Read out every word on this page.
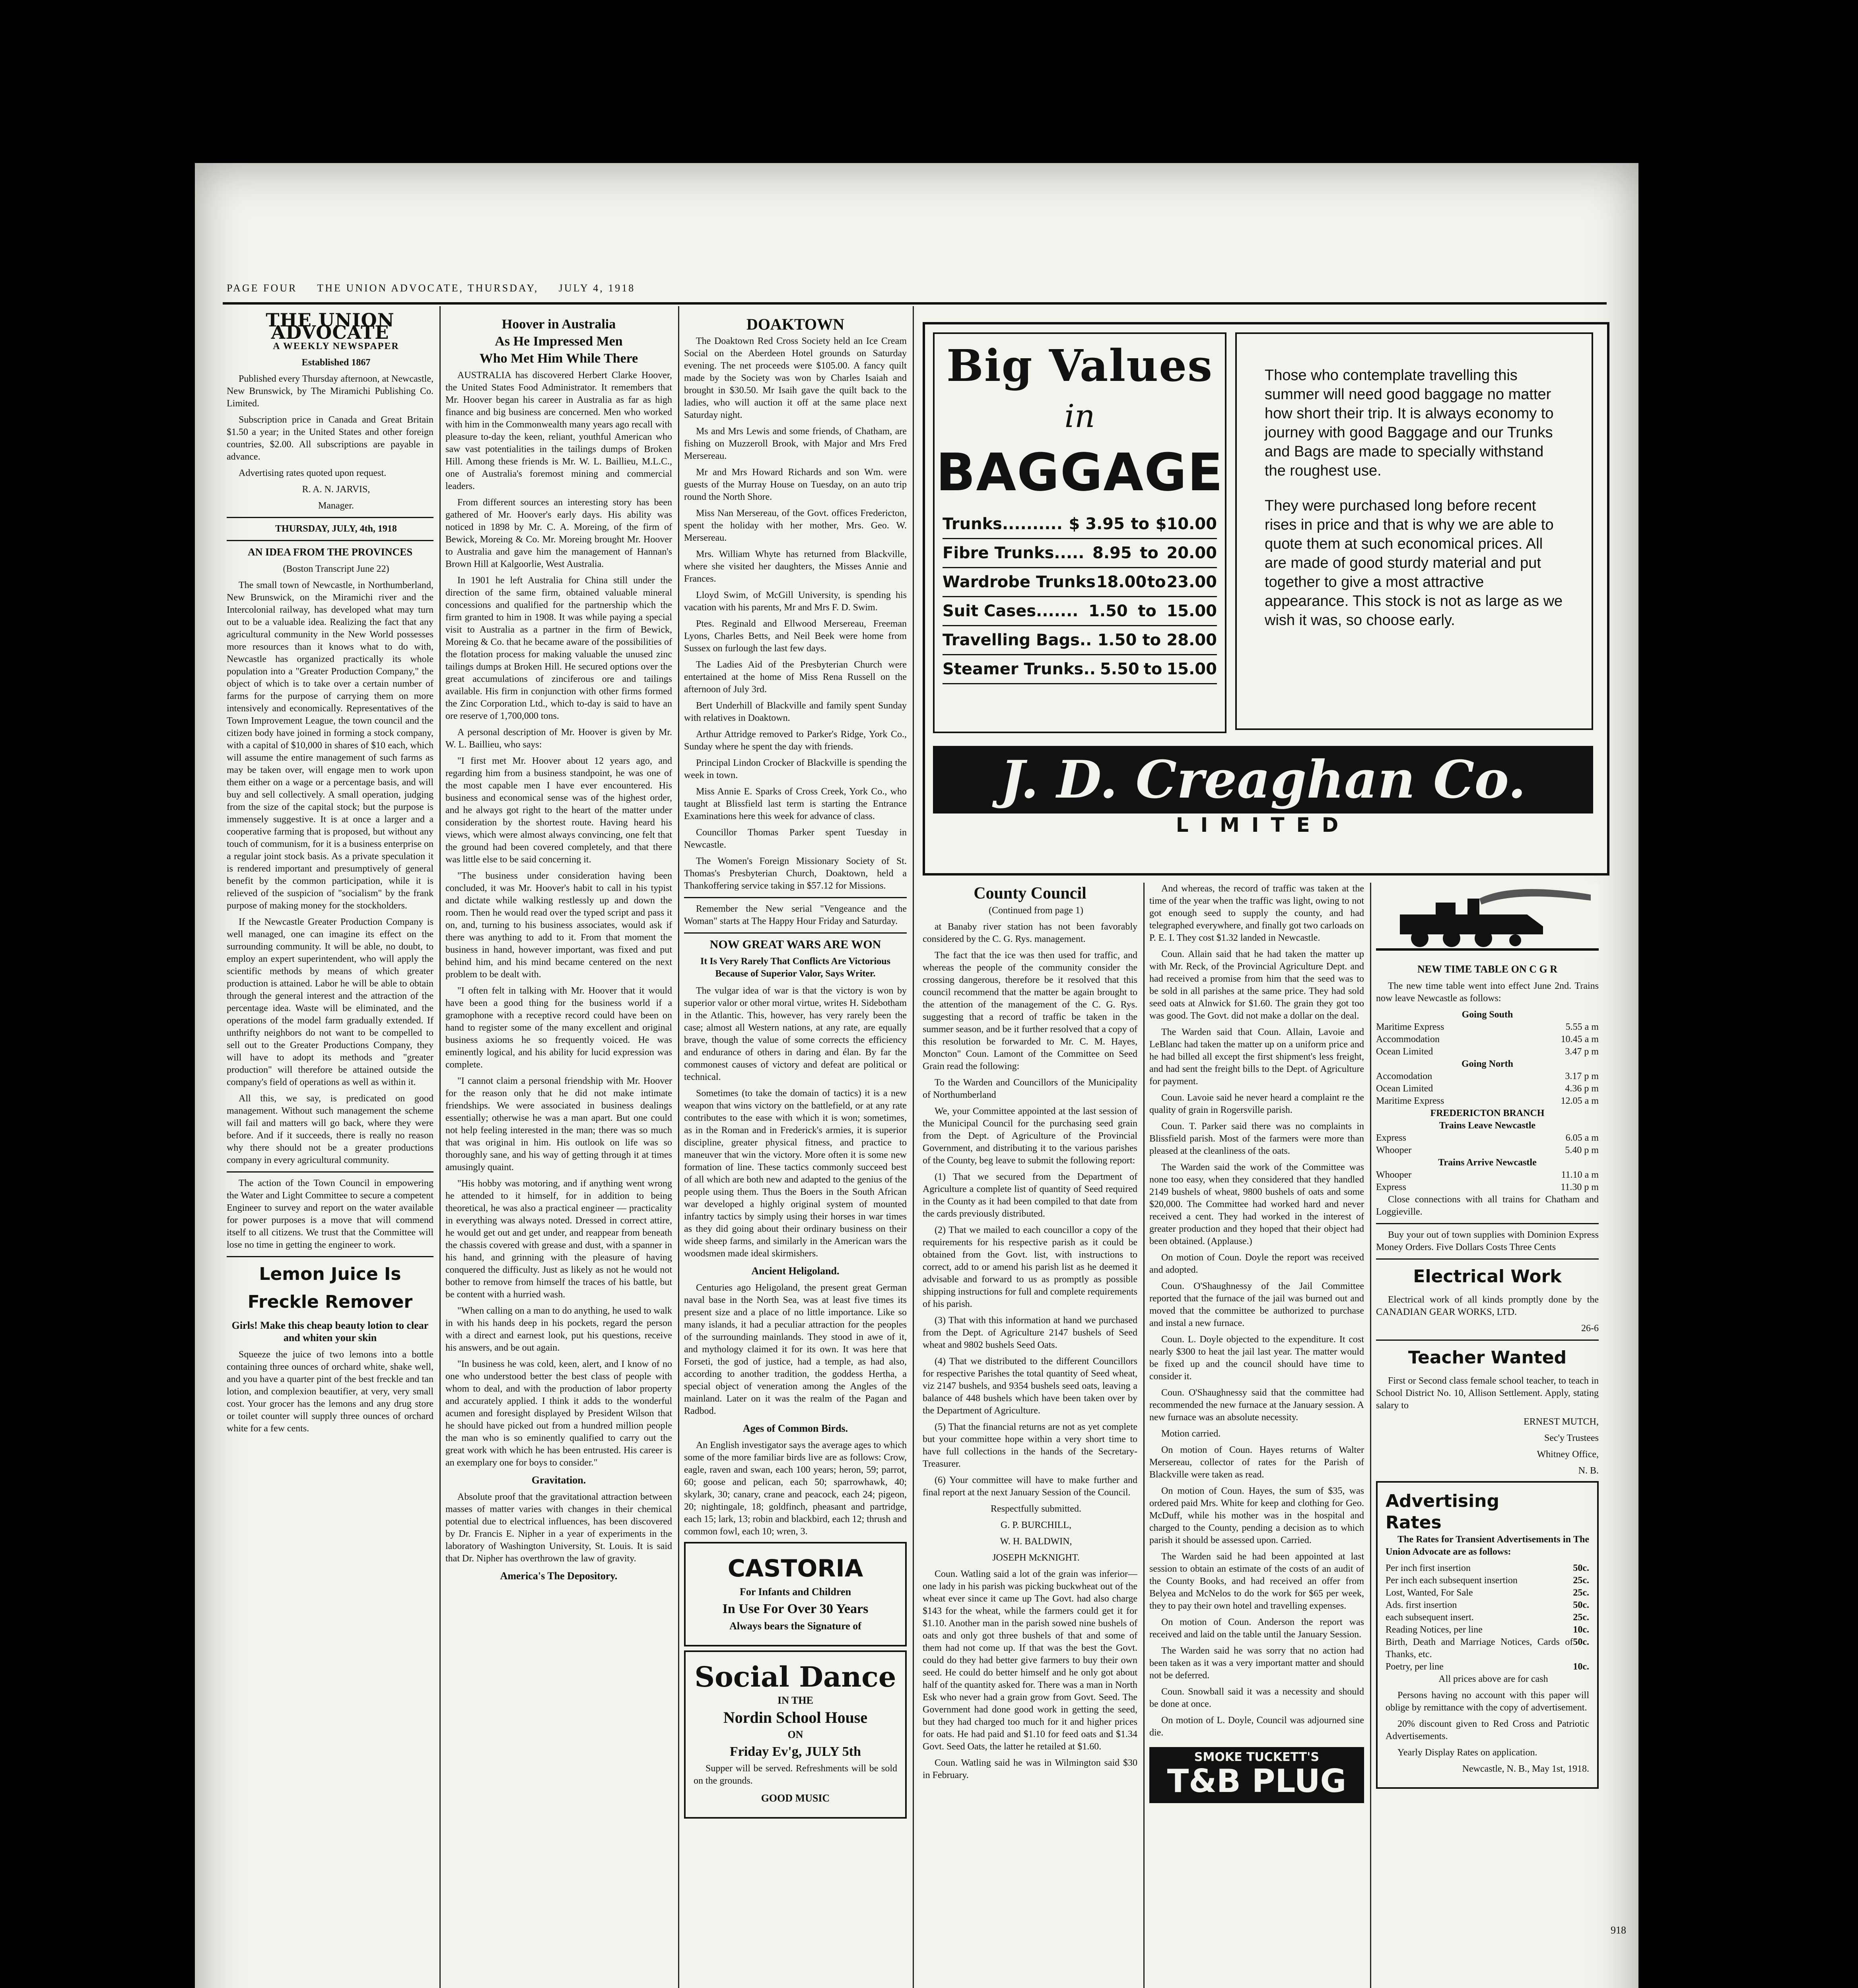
PAGE FOUR THE UNION ADVOCATE, THURSDAY, JULY 4, 1918
THE UNION ADVOCATE

A WEEKLY NEWSPAPER

Established 1867

Published every Thursday afternoon, at Newcastle, New Brunswick, by The Miramichi Publishing Co. Limited.

Subscription price in Canada and Great Britain $1.50 a year; in the United States and other foreign countries, $2.00. All subscriptions are payable in advance.

Advertising rates quoted upon request.

R. A. N. JARVIS,

Manager.

THURSDAY, JULY, 4th, 1918

AN IDEA FROM THE PROVINCES

(Boston Transcript June 22)

The small town of Newcastle, in Northumberland, New Brunswick, on the Miramichi river and the Intercolonial railway, has developed what may turn out to be a valuable idea. Realizing the fact that any agricultural community in the New World possesses more resources than it knows what to do with, Newcastle has organized practically its whole population into a "Greater Production Company," the object of which is to take over a certain number of farms for the purpose of carrying them on more intensively and economically. Representatives of the Town Improvement League, the town council and the citizen body have joined in forming a stock company, with a capital of $10,000 in shares of $10 each, which will assume the entire management of such farms as may be taken over, will engage men to work upon them either on a wage or a percentage basis, and will buy and sell collectively. A small operation, judging from the size of the capital stock; but the purpose is immensely suggestive. It is at once a larger and a cooperative farming that is proposed, but without any touch of communism, for it is a business enterprise on a regular joint stock basis. As a private speculation it is rendered important and presumptively of general benefit by the common participation, while it is relieved of the suspicion of "socialism" by the frank purpose of making money for the stockholders.

If the Newcastle Greater Production Company is well managed, one can imagine its effect on the surrounding community. It will be able, no doubt, to employ an expert superintendent, who will apply the scientific methods by means of which greater production is attained. Labor he will be able to obtain through the general interest and the attraction of the percentage idea. Waste will be eliminated, and the operations of the model farm gradually extended. If unthrifty neighbors do not want to be compelled to sell out to the Greater Productions Company, they will have to adopt its methods and "greater production" will therefore be attained outside the company's field of operations as well as within it.

All this, we say, is predicated on good management. Without such management the scheme will fail and matters will go back, where they were before. And if it succeeds, there is really no reason why there should not be a greater productions company in every agricultural community.

The action of the Town Council in empowering the Water and Light Committee to secure a competent Engineer to survey and report on the water available for power purposes is a move that will commend itself to all citizens. We trust that the Committee will lose no time in getting the engineer to work.

Lemon Juice Is
Freckle Remover
Girls! Make this cheap beauty lotion to clear and whiten your skin

Squeeze the juice of two lemons into a bottle containing three ounces of orchard white, shake well, and you have a quarter pint of the best freckle and tan lotion, and complexion beautifier, at very, very small cost. Your grocer has the lemons and any drug store or toilet counter will supply three ounces of orchard white for a few cents.

Hoover in Australia
As He Impressed Men
Who Met Him While There

AUSTRALIA has discovered Herbert Clarke Hoover, the United States Food Administrator. It remembers that Mr. Hoover began his career in Australia as far as high finance and big business are concerned. Men who worked with him in the Commonwealth many years ago recall with pleasure to-day the keen, reliant, youthful American who saw vast potentialities in the tailings dumps of Broken Hill. Among these friends is Mr. W. L. Baillieu, M.L.C., one of Australia's foremost mining and commercial leaders.

From different sources an interesting story has been gathered of Mr. Hoover's early days. His ability was noticed in 1898 by Mr. C. A. Moreing, of the firm of Bewick, Moreing & Co. Mr. Moreing brought Mr. Hoover to Australia and gave him the management of Hannan's Brown Hill at Kalgoorlie, West Australia.

In 1901 he left Australia for China still under the direction of the same firm, obtained valuable mineral concessions and qualified for the partnership which the firm granted to him in 1908. It was while paying a special visit to Australia as a partner in the firm of Bewick, Moreing & Co. that he became aware of the possibilities of the flotation process for making valuable the unused zinc tailings dumps at Broken Hill. He secured options over the great accumulations of zinciferous ore and tailings available. His firm in conjunction with other firms formed the Zinc Corporation Ltd., which to-day is said to have an ore reserve of 1,700,000 tons.

A personal description of Mr. Hoover is given by Mr. W. L. Baillieu, who says:

"I first met Mr. Hoover about 12 years ago, and regarding him from a business standpoint, he was one of the most capable men I have ever encountered. His business and economical sense was of the highest order, and he always got right to the heart of the matter under consideration by the shortest route. Having heard his views, which were almost always convincing, one felt that the ground had been covered completely, and that there was little else to be said concerning it.

"The business under consideration having been concluded, it was Mr. Hoover's habit to call in his typist and dictate while walking restlessly up and down the room. Then he would read over the typed script and pass it on, and, turning to his business associates, would ask if there was anything to add to it. From that moment the business in hand, however important, was fixed and put behind him, and his mind became centered on the next problem to be dealt with.

"I often felt in talking with Mr. Hoover that it would have been a good thing for the business world if a gramophone with a receptive record could have been on hand to register some of the many excellent and original business axioms he so frequently voiced. He was eminently logical, and his ability for lucid expression was complete.

"I cannot claim a personal friendship with Mr. Hoover for the reason only that he did not make intimate friendships. We were associated in business dealings essentially; otherwise he was a man apart. But one could not help feeling interested in the man; there was so much that was original in him. His outlook on life was so thoroughly sane, and his way of getting through it at times amusingly quaint.

"His hobby was motoring, and if anything went wrong he attended to it himself, for in addition to being theoretical, he was also a practical engineer — practicality in everything was always noted. Dressed in correct attire, he would get out and get under, and reappear from beneath the chassis covered with grease and dust, with a spanner in his hand, and grinning with the pleasure of having conquered the difficulty. Just as likely as not he would not bother to remove from himself the traces of his battle, but be content with a hurried wash.

"When calling on a man to do anything, he used to walk in with his hands deep in his pockets, regard the person with a direct and earnest look, put his questions, receive his answers, and be out again.

"In business he was cold, keen, alert, and I know of no one who understood better the best class of people with whom to deal, and with the production of labor property and accurately applied. I think it adds to the wonderful acumen and foresight displayed by President Wilson that he should have picked out from a hundred million people the man who is so eminently qualified to carry out the great work with which he has been entrusted. His career is an exemplary one for boys to consider."

Gravitation.

Absolute proof that the gravitational attraction between masses of matter varies with changes in their chemical potential due to electrical influences, has been discovered by Dr. Francis E. Nipher in a year of experiments in the laboratory of Washington University, St. Louis. It is said that Dr. Nipher has overthrown the law of gravity.

America's The Depository.
DOAKTOWN

The Doaktown Red Cross Society held an Ice Cream Social on the Aberdeen Hotel grounds on Saturday evening. The net proceeds were $105.00. A fancy quilt made by the Society was won by Charles Isaiah and brought in $30.50. Mr Isaih gave the quilt back to the ladies, who will auction it off at the same place next Saturday night.

Ms and Mrs Lewis and some friends, of Chatham, are fishing on Muzzeroll Brook, with Major and Mrs Fred Mersereau.

Mr and Mrs Howard Richards and son Wm. were guests of the Murray House on Tuesday, on an auto trip round the North Shore.

Miss Nan Mersereau, of the Govt. offices Fredericton, spent the holiday with her mother, Mrs. Geo. W. Mersereau.

Mrs. William Whyte has returned from Blackville, where she visited her daughters, the Misses Annie and Frances.

Lloyd Swim, of McGill University, is spending his vacation with his parents, Mr and Mrs F. D. Swim.

Ptes. Reginald and Ellwood Mersereau, Freeman Lyons, Charles Betts, and Neil Beek were home from Sussex on furlough the last few days.

The Ladies Aid of the Presbyterian Church were entertained at the home of Miss Rena Russell on the afternoon of July 3rd.

Bert Underhill of Blackville and family spent Sunday with relatives in Doaktown.

Arthur Attridge removed to Parker's Ridge, York Co., Sunday where he spent the day with friends.

Principal Lindon Crocker of Blackville is spending the week in town.

Miss Annie E. Sparks of Cross Creek, York Co., who taught at Blissfield last term is starting the Entrance Examinations here this week for advance of class.

Councillor Thomas Parker spent Tuesday in Newcastle.

The Women's Foreign Missionary Society of St. Thomas's Presbyterian Church, Doaktown, held a Thankoffering service taking in $57.12 for Missions.

Remember the New serial "Vengeance and the Woman" starts at The Happy Hour Friday and Saturday.

NOW GREAT WARS ARE WON
It Is Very Rarely That Conflicts Are Victorious Because of Superior Valor, Says Writer.

The vulgar idea of war is that the victory is won by superior valor or other moral virtue, writes H. Sidebotham in the Atlantic. This, however, has very rarely been the case; almost all Western nations, at any rate, are equally brave, though the value of some corrects the efficiency and endurance of others in daring and élan. By far the commonest causes of victory and defeat are political or technical.

Sometimes (to take the domain of tactics) it is a new weapon that wins victory on the battlefield, or at any rate contributes to the ease with which it is won; sometimes, as in the Roman and in Frederick's armies, it is superior discipline, greater physical fitness, and practice to maneuver that win the victory. More often it is some new formation of line. These tactics commonly succeed best of all which are both new and adapted to the genius of the people using them. Thus the Boers in the South African war developed a highly original system of mounted infantry tactics by simply using their horses in war times as they did going about their ordinary business on their wide sheep farms, and similarly in the American wars the woodsmen made ideal skirmishers.

Ancient Heligoland.

Centuries ago Heligoland, the present great German naval base in the North Sea, was at least five times its present size and a place of no little importance. Like so many islands, it had a peculiar attraction for the peoples of the surrounding mainlands. They stood in awe of it, and mythology claimed it for its own. It was here that Forseti, the god of justice, had a temple, as had also, according to another tradition, the goddess Hertha, a special object of veneration among the Angles of the mainland. Later on it was the realm of the Pagan and Radbod.

Ages of Common Birds.

An English investigator says the average ages to which some of the more familiar birds live are as follows: Crow, eagle, raven and swan, each 100 years; heron, 59; parrot, 60; goose and pelican, each 50; sparrowhawk, 40; skylark, 30; canary, crane and peacock, each 24; pigeon, 20; nightingale, 18; goldfinch, pheasant and partridge, each 15; lark, 13; robin and blackbird, each 12; thrush and common fowl, each 10; wren, 3.

CASTORIA
For Infants and Children
In Use For Over 30 Years
Always bears the Signature of
Social Dance
IN THE
Nordin School House
ON
Friday Ev'g, JULY 5th

Supper will be served. Refreshments will be sold on the grounds.

GOOD MUSIC
Big Values

in

BAGGAGE
Trunks.......... $ 3.95 to $10.00
Fibre Trunks..... 8.95 to 20.00
Wardrobe Trunks 18.00 to 23.00
Suit Cases....... 1.50 to 15.00
Travelling Bags.. 1.50 to 28.00
Steamer Trunks.. 5.50 to 15.00

Those who contemplate travelling this summer will need good baggage no matter how short their trip. It is always economy to journey with good Baggage and our Trunks and Bags are made to specially withstand the roughest use.

They were purchased long before recent rises in price and that is why we are able to quote them at such economical prices. All are made of good sturdy material and put together to give a most attractive appearance. This stock is not as large as we wish it was, so choose early.

J. D. Creaghan Co.
LIMITED
County Council

(Continued from page 1)

at Banaby river station has not been favorably considered by the C. G. Rys. management.

The fact that the ice was then used for traffic, and whereas the people of the community consider the crossing dangerous, therefore be it resolved that this council recommend that the matter be again brought to the attention of the management of the C. G. Rys. suggesting that a record of traffic be taken in the summer season, and be it further resolved that a copy of this resolution be forwarded to Mr. C. M. Hayes, Moncton" Coun. Lamont of the Committee on Seed Grain read the following:

To the Warden and Councillors of the Municipality of Northumberland

We, your Committee appointed at the last session of the Municipal Council for the purchasing seed grain from the Dept. of Agriculture of the Provincial Government, and distributing it to the various parishes of the County, beg leave to submit the following report:

(1) That we secured from the Department of Agriculture a complete list of quantity of Seed required in the County as it had been compiled to that date from the cards previously distributed.

(2) That we mailed to each councillor a copy of the requirements for his respective parish as it could be obtained from the Govt. list, with instructions to correct, add to or amend his parish list as he deemed it advisable and forward to us as promptly as possible shipping instructions for full and complete requirements of his parish.

(3) That with this information at hand we purchased from the Dept. of Agriculture 2147 bushels of Seed wheat and 9802 bushels Seed Oats.

(4) That we distributed to the different Councillors for respective Parishes the total quantity of Seed wheat, viz 2147 bushels, and 9354 bushels seed oats, leaving a balance of 448 bushels which have been taken over by the Department of Agriculture.

(5) That the financial returns are not as yet complete but your committee hope within a very short time to have full collections in the hands of the Secretary-Treasurer.

(6) Your committee will have to make further and final report at the next January Session of the Council.

Respectfully submitted.

G. P. BURCHILL,

W. H. BALDWIN,

JOSEPH McKNIGHT.

Coun. Watling said a lot of the grain was inferior—one lady in his parish was picking buckwheat out of the wheat ever since it came up The Govt. had also charge $143 for the wheat, while the farmers could get it for $1.10. Another man in the parish sowed nine bushels of oats and only got three bushels of that and some of them had not come up. If that was the best the Govt. could do they had better give farmers to buy their own seed. He could do better himself and he only got about half of the quantity asked for. There was a man in North Esk who never had a grain grow from Govt. Seed. The Government had done good work in getting the seed, but they had charged too much for it and higher prices for oats. He had paid and $1.10 for feed oats and $1.34 Govt. Seed Oats, the latter he retailed at $1.60.

Coun. Watling said he was in Wilmington said $30 in February.

And whereas, the record of traffic was taken at the time of the year when the traffic was light, owing to not got enough seed to supply the county, and had telegraphed everywhere, and finally got two carloads on P. E. I. They cost $1.32 landed in Newcastle.

Coun. Allain said that he had taken the matter up with Mr. Reck, of the Provincial Agriculture Dept. and had received a promise from him that the seed was to be sold in all parishes at the same price. They had sold seed oats at Alnwick for $1.60. The grain they got too was good. The Govt. did not make a dollar on the deal.

The Warden said that Coun. Allain, Lavoie and LeBlanc had taken the matter up on a uniform price and he had billed all except the first shipment's less freight, and had sent the freight bills to the Dept. of Agriculture for payment.

Coun. Lavoie said he never heard a complaint re the quality of grain in Rogersville parish.

Coun. T. Parker said there was no complaints in Blissfield parish. Most of the farmers were more than pleased at the cleanliness of the oats.

The Warden said the work of the Committee was none too easy, when they considered that they handled 2149 bushels of wheat, 9800 bushels of oats and some $20,000. The Committee had worked hard and never received a cent. They had worked in the interest of greater production and they hoped that their object had been obtained. (Applause.)

On motion of Coun. Doyle the report was received and adopted.

Coun. O'Shaughnessy of the Jail Committee reported that the furnace of the jail was burned out and moved that the committee be authorized to purchase and instal a new furnace.

Coun. L. Doyle objected to the expenditure. It cost nearly $300 to heat the jail last year. The matter would be fixed up and the council should have time to consider it.

Coun. O'Shaughnessy said that the committee had recommended the new furnace at the January session. A new furnace was an absolute necessity.

Motion carried.

On motion of Coun. Hayes returns of Walter Mersereau, collector of rates for the Parish of Blackville were taken as read.

On motion of Coun. Hayes, the sum of $35, was ordered paid Mrs. White for keep and clothing for Geo. McDuff, while his mother was in the hospital and charged to the County, pending a decision as to which parish it should be assessed upon. Carried.

The Warden said he had been appointed at last session to obtain an estimate of the costs of an audit of the County Books, and had received an offer from Belyea and McNelos to do the work for $65 per week, they to pay their own hotel and travelling expenses.

On motion of Coun. Anderson the report was received and laid on the table until the January Session.

The Warden said he was sorry that no action had been taken as it was a very important matter and should not be deferred.

Coun. Snowball said it was a necessity and should be done at once.

On motion of L. Doyle, Council was adjourned sine die.

SMOKE TUCKETT'S
T&B PLUG
NEW TIME TABLE ON C G R

The new time table went into effect June 2nd. Trains now leave Newcastle as follows:

Going South
Maritime Express	5.55 a m
Accommodation	10.45 a m
Ocean Limited	3.47 p m
Going North
Accomodation	3.17 p m
Ocean Limited	4.36 p m
Maritime Express	12.05 a m
FREDERICTON BRANCH
Trains Leave Newcastle
Express	6.05 a m
Whooper	5.40 p m
Trains Arrive Newcastle
Whooper	11.10 a m
Express	11.30 p m

Close connections with all trains for Chatham and Loggieville.

Buy your out of town supplies with Dominion Express Money Orders. Five Dollars Costs Three Cents

Electrical Work

Electrical work of all kinds promptly done by the CANADIAN GEAR WORKS, LTD.

26-6

Teacher Wanted

First or Second class female school teacher, to teach in School District No. 10, Allison Settlement. Apply, stating salary to

ERNEST MUTCH,

Sec'y Trustees

Whitney Office,

N. B.

Advertising
Rates

The Rates for Transient Advertisements in The Union Advocate are as follows:

Per inch first insertion	50c.
Per inch each subsequent insertion	25c.
Lost, Wanted, For Sale	25c.
Ads. first insertion	50c.
each subsequent insert.	25c.
Reading Notices, per line	10c.
Birth, Death and Marriage Notices, Cards of Thanks, etc.
50c.
Poetry, per line	10c.

All prices above are for cash

Persons having no account with this paper will oblige by remittance with the copy of advertisement.

20% discount given to Red Cross and Patriotic Advertisements.

Yearly Display Rates on application.

Newcastle, N. B., May 1st, 1918.

918
